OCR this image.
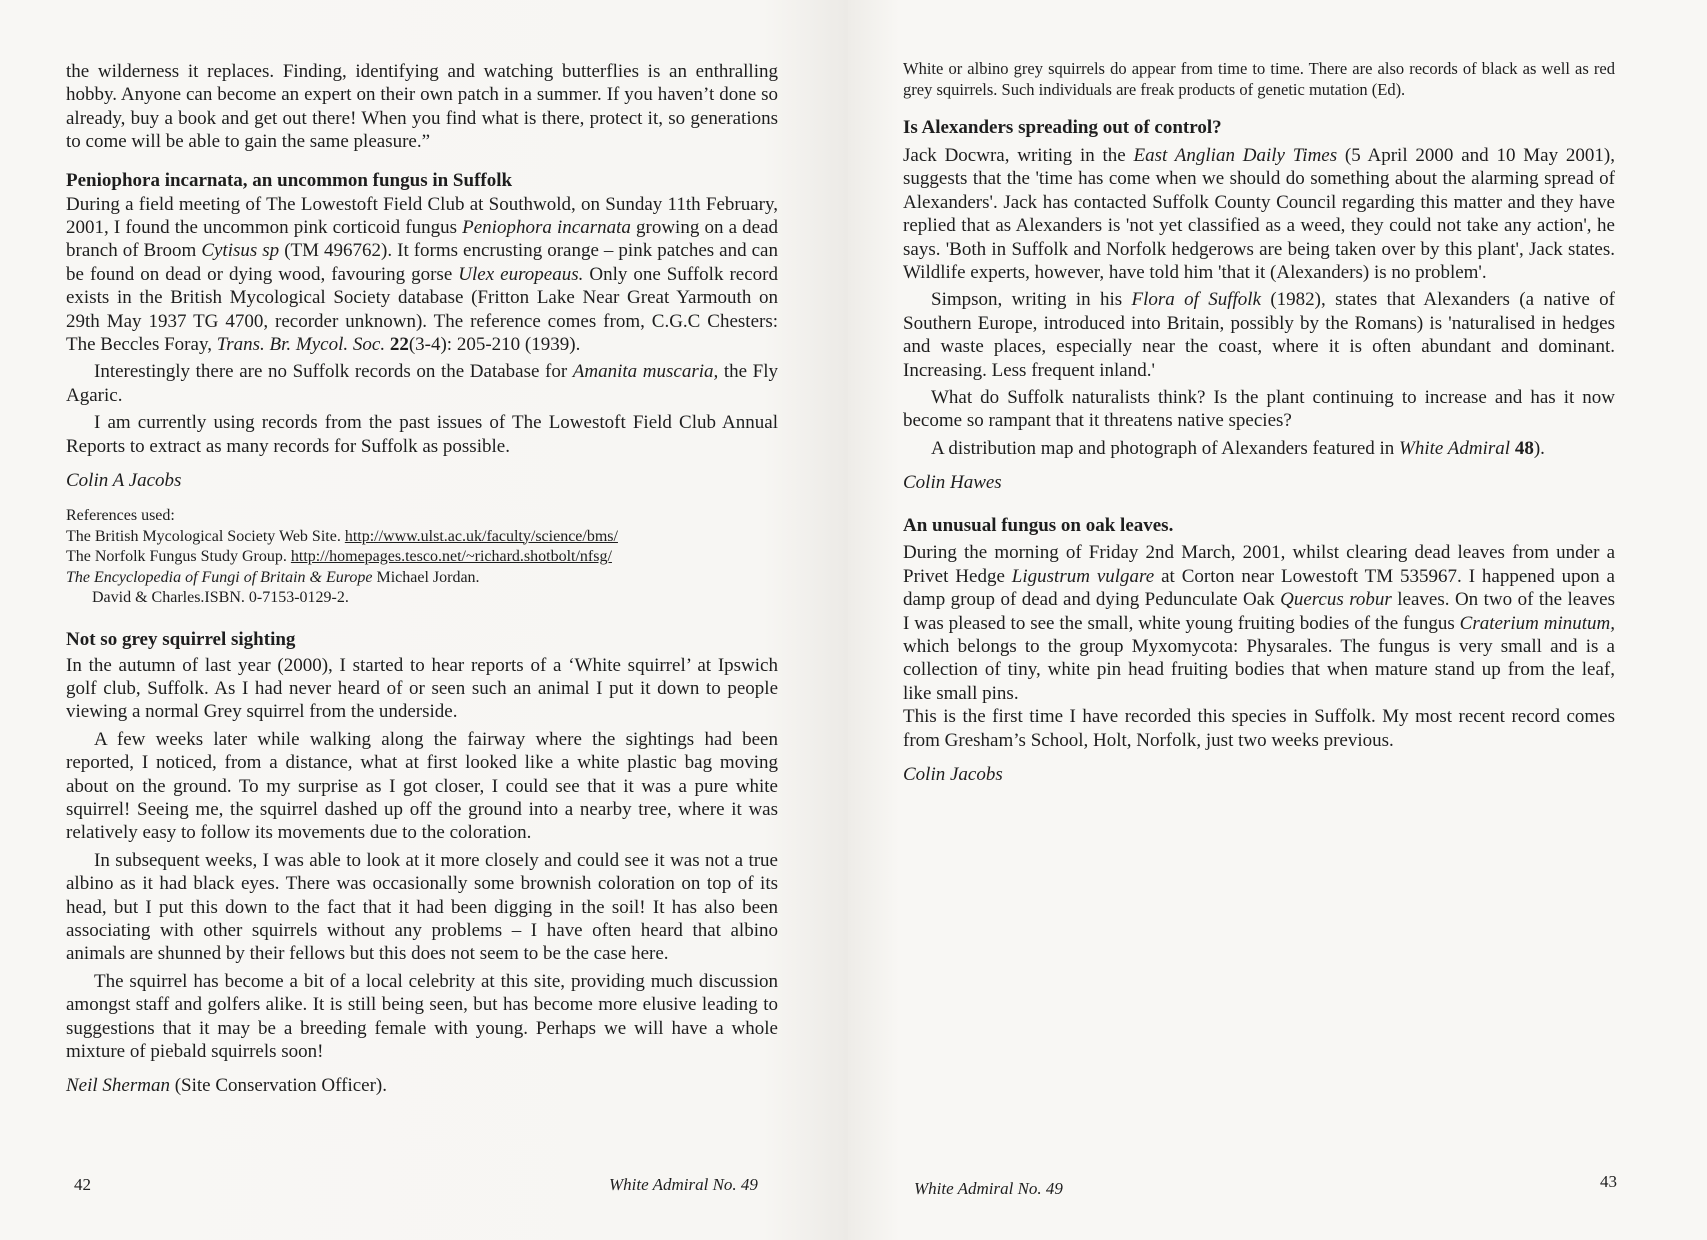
the wilderness it replaces. Finding, identifying and watching butterflies is an enthralling hobby. Anyone can become an expert on their own patch in a summer. If you haven’t done so already, buy a book and get out there! When you find what is there, protect it, so generations to come will be able to gain the same pleasure.”

Peniophora incarnata, an uncommon fungus in Suffolk

During a field meeting of The Lowestoft Field Club at Southwold, on Sunday 11th February, 2001, I found the uncommon pink corticoid fungus Peniophora incarnata growing on a dead branch of Broom Cytisus sp (TM 496762). It forms encrusting orange – pink patches and can be found on dead or dying wood, favouring gorse Ulex europeaus. Only one Suffolk record exists in the British Mycological Society database (Fritton Lake Near Great Yarmouth on 29th May 1937 TG 4700, recorder unknown). The reference comes from, C.G.C Chesters: The Beccles Foray, Trans. Br. Mycol. Soc. 22(3-4): 205-210 (1939).

Interestingly there are no Suffolk records on the Database for Amanita muscaria, the Fly Agaric.

I am currently using records from the past issues of The Lowestoft Field Club Annual Reports to extract as many records for Suffolk as possible.

Colin A Jacobs
References used:
The British Mycological Society Web Site. http://www.ulst.ac.uk/faculty/science/bms/
The Norfolk Fungus Study Group. http://homepages.tesco.net/~richard.shotbolt/nfsg/
The Encyclopedia of Fungi of Britain & Europe Michael Jordan.
David & Charles.ISBN. 0-7153-0129-2.
Not so grey squirrel sighting

In the autumn of last year (2000), I started to hear reports of a ‘White squirrel’ at Ipswich golf club, Suffolk. As I had never heard of or seen such an animal I put it down to people viewing a normal Grey squirrel from the underside.

A few weeks later while walking along the fairway where the sightings had been reported, I noticed, from a distance, what at first looked like a white plastic bag moving about on the ground. To my surprise as I got closer, I could see that it was a pure white squirrel! Seeing me, the squirrel dashed up off the ground into a nearby tree, where it was relatively easy to follow its movements due to the coloration.

In subsequent weeks, I was able to look at it more closely and could see it was not a true albino as it had black eyes. There was occasionally some brownish coloration on top of its head, but I put this down to the fact that it had been digging in the soil! It has also been associating with other squirrels without any problems – I have often heard that albino animals are shunned by their fellows but this does not seem to be the case here.

The squirrel has become a bit of a local celebrity at this site, providing much discussion amongst staff and golfers alike. It is still being seen, but has become more elusive leading to suggestions that it may be a breeding female with young. Perhaps we will have a whole mixture of piebald squirrels soon!

Neil Sherman (Site Conservation Officer).
42	White Admiral No. 49

White or albino grey squirrels do appear from time to time. There are also records of black as well as red grey squirrels. Such individuals are freak products of genetic mutation (Ed).

Is Alexanders spreading out of control?

Jack Docwra, writing in the East Anglian Daily Times (5 April 2000 and 10 May 2001), suggests that the 'time has come when we should do something about the alarming spread of Alexanders'. Jack has contacted Suffolk County Council regarding this matter and they have replied that as Alexanders is 'not yet classified as a weed, they could not take any action', he says. 'Both in Suffolk and Norfolk hedgerows are being taken over by this plant', Jack states. Wildlife experts, however, have told him 'that it (Alexanders) is no problem'.

Simpson, writing in his Flora of Suffolk (1982), states that Alexanders (a native of Southern Europe, introduced into Britain, possibly by the Romans) is 'naturalised in hedges and waste places, especially near the coast, where it is often abundant and dominant. Increasing. Less frequent inland.'

What do Suffolk naturalists think? Is the plant continuing to increase and has it now become so rampant that it threatens native species?

A distribution map and photograph of Alexanders featured in White Admiral 48).

Colin Hawes
An unusual fungus on oak leaves.

During the morning of Friday 2nd March, 2001, whilst clearing dead leaves from under a Privet Hedge Ligustrum vulgare at Corton near Lowestoft TM 535967. I happened upon a damp group of dead and dying Pedunculate Oak Quercus robur leaves. On two of the leaves I was pleased to see the small, white young fruiting bodies of the fungus Craterium minutum, which belongs to the group Myxomycota: Physarales. The fungus is very small and is a collection of tiny, white pin head fruiting bodies that when mature stand up from the leaf, like small pins.

This is the first time I have recorded this species in Suffolk. My most recent record comes from Gresham’s School, Holt, Norfolk, just two weeks previous.

Colin Jacobs
White Admiral No. 49	43
